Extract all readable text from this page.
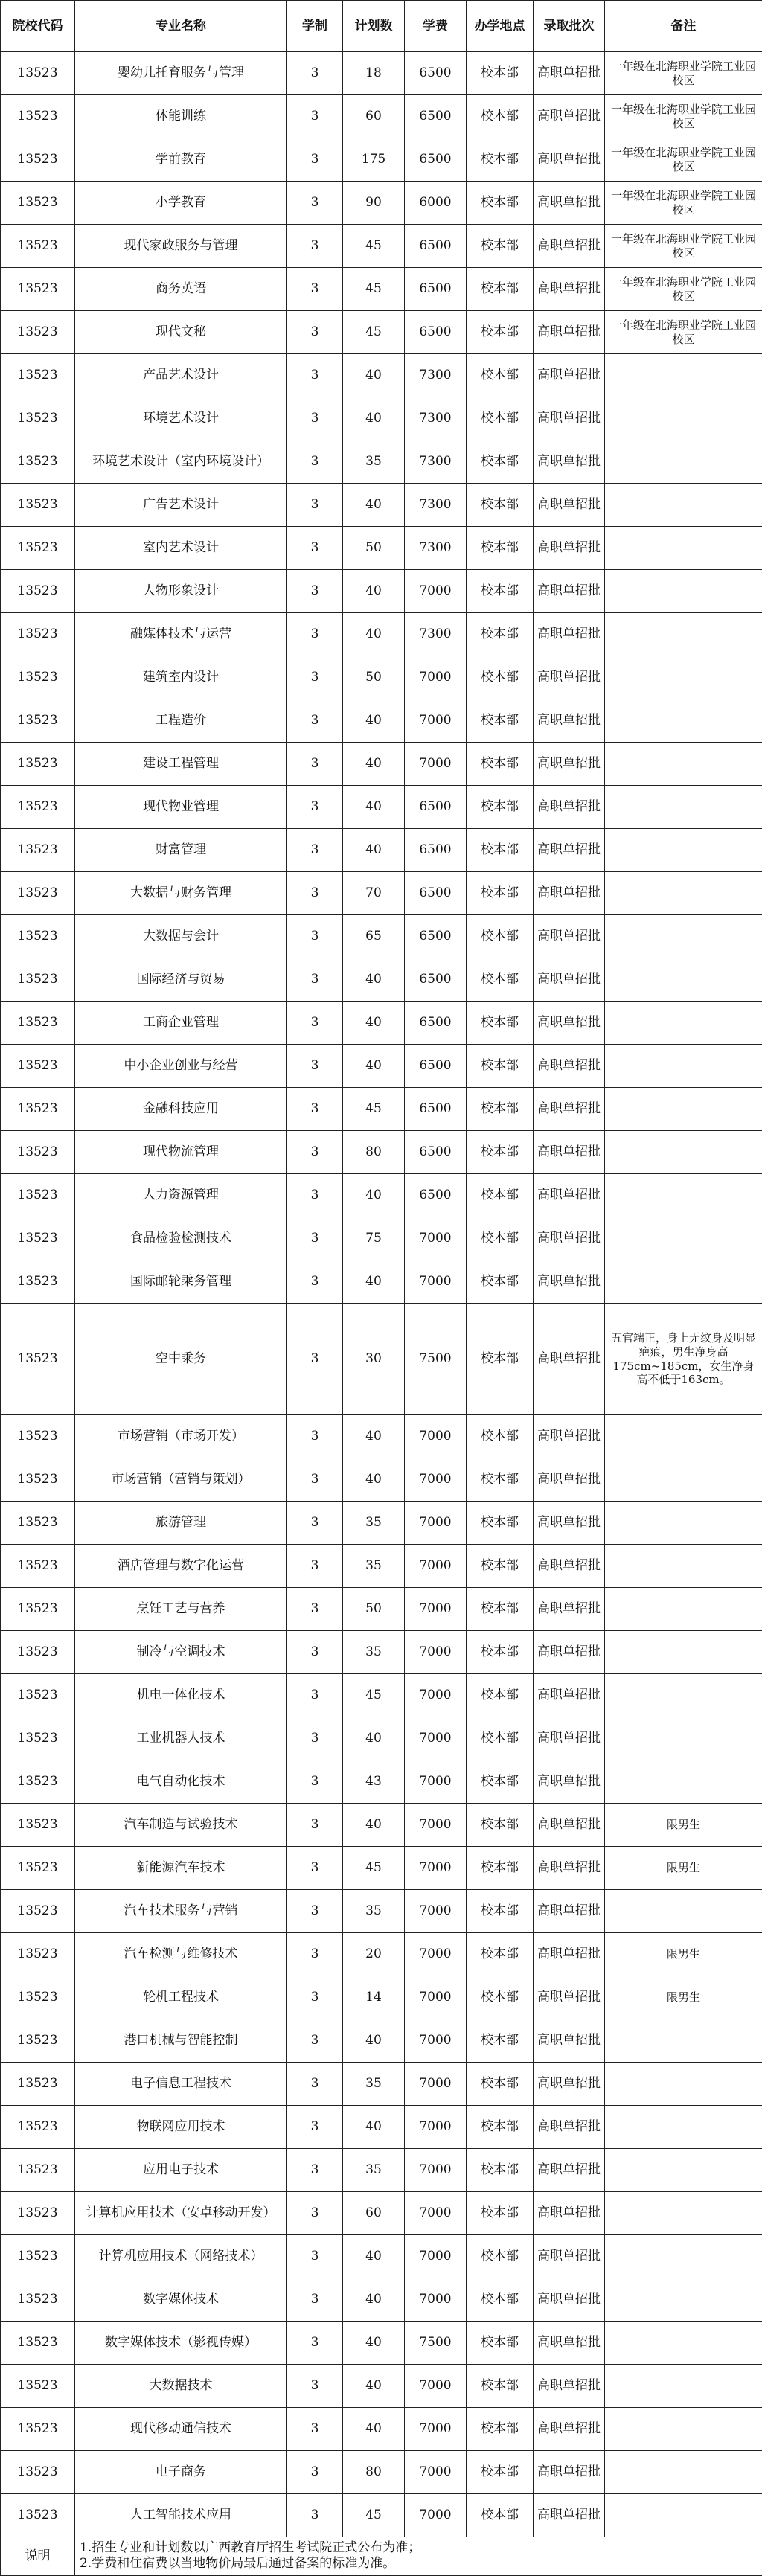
院校代码	专业名称	学制	计划数	学费	办学地点	录取批次	备注
13523	婴幼儿托育服务与管理	3	18	6500	校本部	高职单招批	一年级在北海职业学院工业园校区
13523	体能训练	3	60	6500	校本部	高职单招批	一年级在北海职业学院工业园校区
13523	学前教育	3	175	6500	校本部	高职单招批	一年级在北海职业学院工业园校区
13523	小学教育	3	90	6000	校本部	高职单招批	一年级在北海职业学院工业园校区
13523	现代家政服务与管理	3	45	6500	校本部	高职单招批	一年级在北海职业学院工业园校区
13523	商务英语	3	45	6500	校本部	高职单招批	一年级在北海职业学院工业园校区
13523	现代文秘	3	45	6500	校本部	高职单招批	一年级在北海职业学院工业园校区
13523	产品艺术设计	3	40	7300	校本部	高职单招批	
13523	环境艺术设计	3	40	7300	校本部	高职单招批	
13523	环境艺术设计（室内环境设计）	3	35	7300	校本部	高职单招批	
13523	广告艺术设计	3	40	7300	校本部	高职单招批	
13523	室内艺术设计	3	50	7300	校本部	高职单招批	
13523	人物形象设计	3	40	7000	校本部	高职单招批	
13523	融媒体技术与运营	3	40	7300	校本部	高职单招批	
13523	建筑室内设计	3	50	7000	校本部	高职单招批	
13523	工程造价	3	40	7000	校本部	高职单招批	
13523	建设工程管理	3	40	7000	校本部	高职单招批	
13523	现代物业管理	3	40	6500	校本部	高职单招批	
13523	财富管理	3	40	6500	校本部	高职单招批	
13523	大数据与财务管理	3	70	6500	校本部	高职单招批	
13523	大数据与会计	3	65	6500	校本部	高职单招批	
13523	国际经济与贸易	3	40	6500	校本部	高职单招批	
13523	工商企业管理	3	40	6500	校本部	高职单招批	
13523	中小企业创业与经营	3	40	6500	校本部	高职单招批	
13523	金融科技应用	3	45	6500	校本部	高职单招批	
13523	现代物流管理	3	80	6500	校本部	高职单招批	
13523	人力资源管理	3	40	6500	校本部	高职单招批	
13523	食品检验检测技术	3	75	7000	校本部	高职单招批	
13523	国际邮轮乘务管理	3	40	7000	校本部	高职单招批	
13523	空中乘务	3	30	7500	校本部	高职单招批	五官端正，身上无纹身及明显疤痕，男生净身高175cm~185cm，女生净身高不低于163cm。
13523	市场营销（市场开发）	3	40	7000	校本部	高职单招批	
13523	市场营销（营销与策划）	3	40	7000	校本部	高职单招批	
13523	旅游管理	3	35	7000	校本部	高职单招批	
13523	酒店管理与数字化运营	3	35	7000	校本部	高职单招批	
13523	烹饪工艺与营养	3	50	7000	校本部	高职单招批	
13523	制冷与空调技术	3	35	7000	校本部	高职单招批	
13523	机电一体化技术	3	45	7000	校本部	高职单招批	
13523	工业机器人技术	3	40	7000	校本部	高职单招批	
13523	电气自动化技术	3	43	7000	校本部	高职单招批	
13523	汽车制造与试验技术	3	40	7000	校本部	高职单招批	限男生
13523	新能源汽车技术	3	45	7000	校本部	高职单招批	限男生
13523	汽车技术服务与营销	3	35	7000	校本部	高职单招批	
13523	汽车检测与维修技术	3	20	7000	校本部	高职单招批	限男生
13523	轮机工程技术	3	14	7000	校本部	高职单招批	限男生
13523	港口机械与智能控制	3	40	7000	校本部	高职单招批	
13523	电子信息工程技术	3	35	7000	校本部	高职单招批	
13523	物联网应用技术	3	40	7000	校本部	高职单招批	
13523	应用电子技术	3	35	7000	校本部	高职单招批	
13523	计算机应用技术（安卓移动开发）	3	60	7000	校本部	高职单招批	
13523	计算机应用技术（网络技术）	3	40	7000	校本部	高职单招批	
13523	数字媒体技术	3	40	7000	校本部	高职单招批	
13523	数字媒体技术（影视传媒）	3	40	7500	校本部	高职单招批	
13523	大数据技术	3	40	7000	校本部	高职单招批	
13523	现代移动通信技术	3	40	7000	校本部	高职单招批	
13523	电子商务	3	80	7000	校本部	高职单招批	
13523	人工智能技术应用	3	45	7000	校本部	高职单招批	
说明	1.招生专业和计划数以广西教育厅招生考试院正式公布为准；
2.学费和住宿费以当地物价局最后通过备案的标准为准。						
